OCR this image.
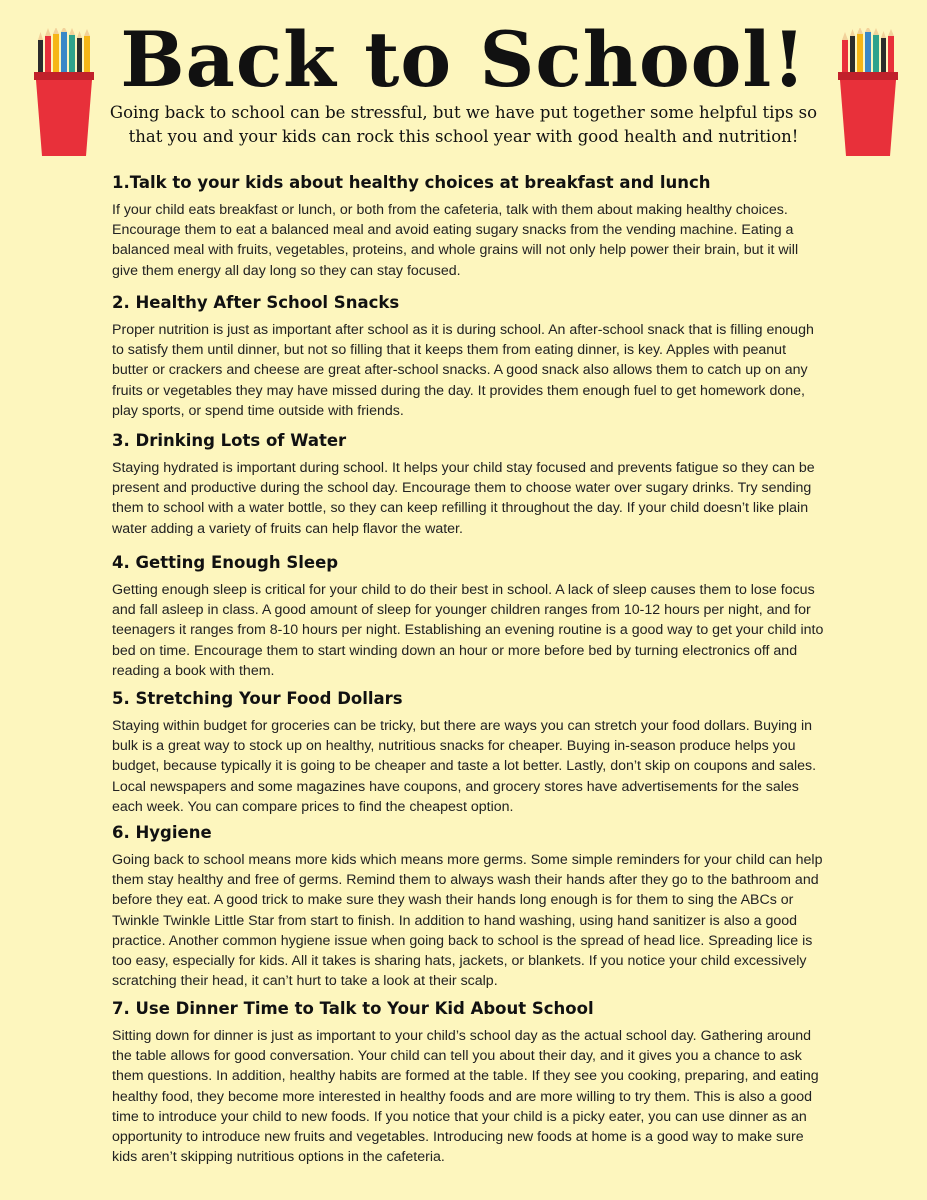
Back to School!

Going back to school can be stressful, but we have put together some helpful tips so that you and your kids can rock this school year with good health and nutrition!

1.Talk to your kids about healthy choices at breakfast and lunch

If your child eats breakfast or lunch, or both from the cafeteria, talk with them about making healthy choices. Encourage them to eat a balanced meal and avoid eating sugary snacks from the vending machine. Eating a balanced meal with fruits, vegetables, proteins, and whole grains will not only help power their brain, but it will give them energy all day long so they can stay focused.

2. Healthy After School Snacks

Proper nutrition is just as important after school as it is during school. An after-school snack that is filling enough to satisfy them until dinner, but not so filling that it keeps them from eating dinner, is key. Apples with peanut butter or crackers and cheese are great after-school snacks. A good snack also allows them to catch up on any fruits or vegetables they may have missed during the day. It provides them enough fuel to get homework done, play sports, or spend time outside with friends.

3. Drinking Lots of Water

Staying hydrated is important during school. It helps your child stay focused and prevents fatigue so they can be present and productive during the school day. Encourage them to choose water over sugary drinks. Try sending them to school with a water bottle, so they can keep refilling it throughout the day. If your child doesn’t like plain water adding a variety of fruits can help flavor the water.

4. Getting Enough Sleep

Getting enough sleep is critical for your child to do their best in school. A lack of sleep causes them to lose focus and fall asleep in class. A good amount of sleep for younger children ranges from 10-12 hours per night, and for teenagers it ranges from 8-10 hours per night. Establishing an evening routine is a good way to get your child into bed on time. Encourage them to start winding down an hour or more before bed by turning electronics off and reading a book with them.

5. Stretching Your Food Dollars

Staying within budget for groceries can be tricky, but there are ways you can stretch your food dollars. Buying in bulk is a great way to stock up on healthy, nutritious snacks for cheaper. Buying in-season produce helps you budget, because typically it is going to be cheaper and taste a lot better. Lastly, don’t skip on coupons and sales. Local newspapers and some magazines have coupons, and grocery stores have advertisements for the sales each week. You can compare prices to find the cheapest option.

6. Hygiene

Going back to school means more kids which means more germs. Some simple reminders for your child can help them stay healthy and free of germs. Remind them to always wash their hands after they go to the bathroom and before they eat. A good trick to make sure they wash their hands long enough is for them to sing the ABCs or Twinkle Twinkle Little Star from start to finish. In addition to hand washing, using hand sanitizer is also a good practice. Another common hygiene issue when going back to school is the spread of head lice. Spreading lice is too easy, especially for kids. All it takes is sharing hats, jackets, or blankets. If you notice your child excessively scratching their head, it can’t hurt to take a look at their scalp.

7. Use Dinner Time to Talk to Your Kid About School

Sitting down for dinner is just as important to your child’s school day as the actual school day. Gathering around the table allows for good conversation. Your child can tell you about their day, and it gives you a chance to ask them questions. In addition, healthy habits are formed at the table. If they see you cooking, preparing, and eating healthy food, they become more interested in healthy foods and are more willing to try them. This is also a good time to introduce your child to new foods. If you notice that your child is a picky eater, you can use dinner as an opportunity to introduce new fruits and vegetables. Introducing new foods at home is a good way to make sure kids aren’t skipping nutritious options in the cafeteria.
